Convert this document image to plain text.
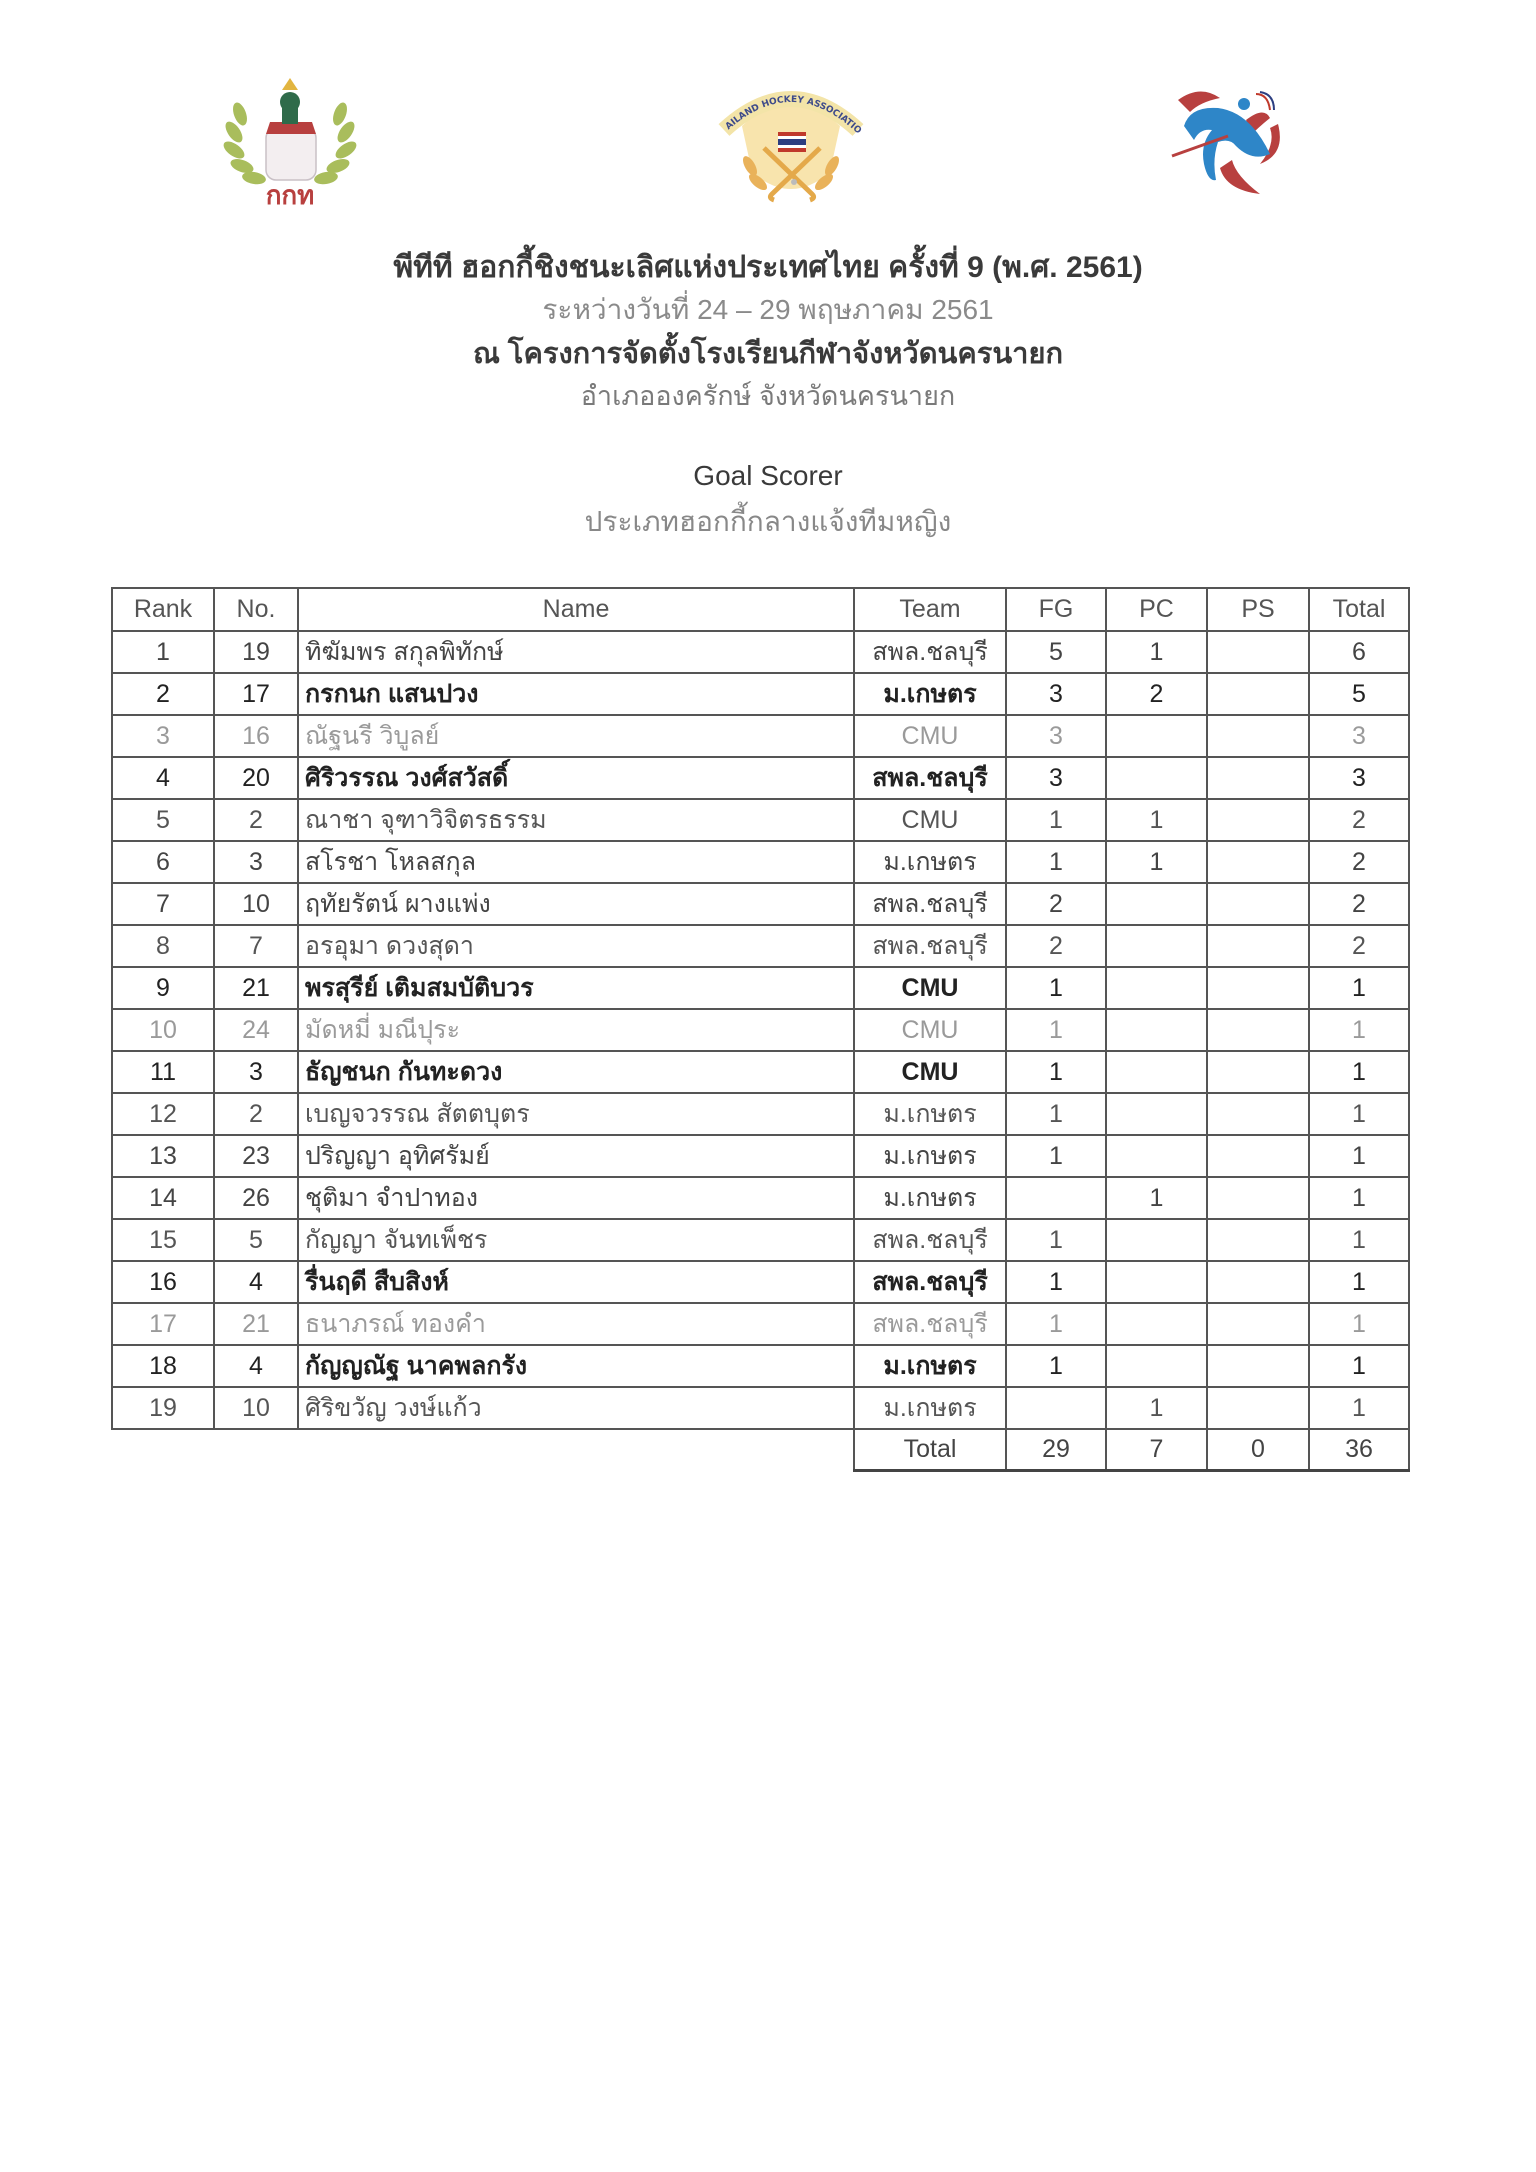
กกท
AILAND HOCKEY ASSOCIATIO
พีทีที ฮอกกี้ชิงชนะเลิศแห่งประเทศไทย ครั้งที่ 9 (พ.ศ. 2561)
ระหว่างวันที่ 24 – 29 พฤษภาคม 2561
ณ โครงการจัดตั้งโรงเรียนกีฬาจังหวัดนครนายก
อำเภอองครักษ์ จังหวัดนครนายก
Goal Scorer
ประเภทฮอกกี้กลางแจ้งทีมหญิง
Rank	No.	Name	Team	FG	PC	PS	Total
1	19	ทิฆัมพร สกุลพิทักษ์	สพล.ชลบุรี	5	1		6
2	17	กรกนก แสนปวง	ม.เกษตร	3	2		5
3	16	ณัฐนรี วิบูลย์	CMU	3			3
4	20	ศิริวรรณ วงศ์สวัสดิ์	สพล.ชลบุรี	3			3
5	2	ณาชา จุฑาวิจิตรธรรม	CMU	1	1		2
6	3	สโรชา โหลสกุล	ม.เกษตร	1	1		2
7	10	ฤทัยรัตน์ ผางแพ่ง	สพล.ชลบุรี	2			2
8	7	อรอุมา ดวงสุดา	สพล.ชลบุรี	2			2
9	21	พรสุรีย์ เติมสมบัติบวร	CMU	1			1
10	24	มัดหมี่ มณีปุระ	CMU	1			1
11	3	ธัญชนก กันทะดวง	CMU	1			1
12	2	เบญจวรรณ สัตตบุตร	ม.เกษตร	1			1
13	23	ปริญญา อุทิศรัมย์	ม.เกษตร	1			1
14	26	ชุติมา จำปาทอง	ม.เกษตร		1		1
15	5	กัญญา จันทเพ็ชร	สพล.ชลบุรี	1			1
16	4	รื่นฤดี สืบสิงห์	สพล.ชลบุรี	1			1
17	21	ธนาภรณ์ ทองคำ	สพล.ชลบุรี	1			1
18	4	กัญญณัฐ นาคพลกรัง	ม.เกษตร	1			1
19	10	ศิริขวัญ วงษ์แก้ว	ม.เกษตร		1		1
			Total	29	7	0	36
